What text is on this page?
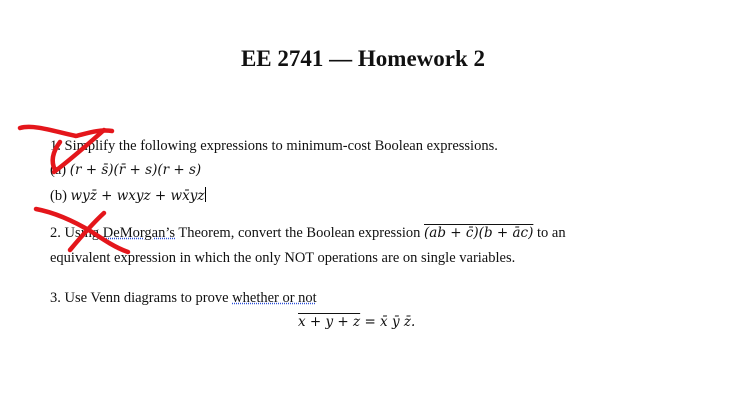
EE 2741 — Homework 2
1. Simplify the following expressions to minimum-cost Boolean expressions.
(a) (r + s̄)(r̄ + s)(r + s)
(b) wyz̄ + wxyz + wx̄yz
2. Using DeMorgan’s Theorem, convert the Boolean expression (ab + c̄)(b + āc) to an
equivalent expression in which the only NOT operations are on single variables.
3. Use Venn diagrams to prove whether or not
x + y + z = x̄ ȳ z̄.
